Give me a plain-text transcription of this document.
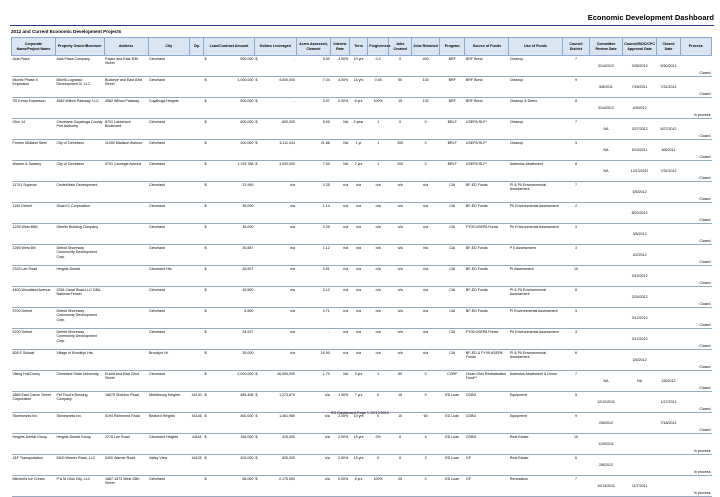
Economic Development Dashboard
2012 and Current Economic Development Projects
Corporate Name/Project Name	Property Owner/Borrower	Address	City	Zip	Loan/Contract Amount	Dollars Leveraged	Acres Assessed, Cleaned	Interest Rate	Term	Forgiveness	Jobs Created	Jobs Retained	Program	Source of Funds	Use of Funds	Council District	Committee Review Date	Council/BOC/CPC Approval Date	Closed Date	Process
Asia Plaza	Asia Plaza Company	Payne and East 30th Street	Cleveland		$ 500,000	$ -	5.00	4.00%	10 yrs	0.4	0	400	BRF	BRF Bond	Cleanup	7	3/14/2012	3/26/2012	5/30/2012	Closed
Micelis Phase II Expansion	Micelli-Lograsso Development III, LLC	Buckeye and East 83rd Street	Cleveland		$ 1,000,000	$ 4,000,000	7.04	4.00%	15 yrs	0.45	50	130	BRF	BRF Bond	Cleanup	9	6/8/2011	7/26/2011	7/31/2012	Closed
SS Kemp Expansion	4582 Willow Parkway, LLC	4582 Willow Parkway	Cuyahoga Heights		$ 500,000	$ -	3.07	0.00%	6 yrs	100%	15	130	BRF	BRF Bond	Cleanup & Demo	8	3/14/2012	4/9/2012		In process
Ohio 14	Cleveland-Cuyahoga County Port Authority	8701 Lakeshore Boulevard	Cleveland		$ 600,000	$ 600,000	5.00	NA	2 year	1	0	0	BRLF	USEPA RLF*	Cleanup	7	NA	3/27/2012	8/27/2012	Closed
Former Midland Steel	City of Cleveland	11000 Madison Avenue	Cleveland		$ 200,000	$ 6,111,434	21.86	NA	1 yr	1	300	0	BRLF	USEPA RLF*	Cleanup	3	NA	5/23/2011	6/8/2011	Closed
Warner & Swasey	City of Cleveland	5701 Carnegie Avenue	Cleveland		$ 1,129,788	$ 3,000,000	7.00	NA	2 yrs	1	200	0	BRLF	USEPA RLF*	Asbestos Abatement	8	NA	12/13/2011	7/31/2012	Closed
11701 Superior	CenterMark Development		Cleveland		$ 31,990	n/a	0.25	n/a	n/a	n/a	n/a	n/a	CAI	BF-ED Funds	PI & PII Environmental Assessment	7		5/5/2012		Closed
1100 Detroit	Girard C Corporation		Cleveland		$ 35,000	n/a	1.14	n/a	n/a	n/a	n/a	n/a	CAI	BF-ED Funds	PII Environmental Assessment	2		8/20/2012		Closed
1235 West 85th	Oberlin Building Company		Cleveland		$ 35,000	n/a	0.25	n/a	n/a	n/a	n/a	n/a	CAI	FY09 USEPA Funds	PII Environmental Assessment	3		3/5/2012		Closed
1265 West 6th	Detroit Shoreway Community Development Corp.		Cleveland		$ 26,887	n/a	1.12	n/a	n/a	n/a	n/a	n/a	CAI	BF-ED Funds	P II Assessment	3		4/2/2012		Closed
2323 Lee Road	Heights Dental		Cleveland Hts.		$ 26,907	n/a	0.51	n/a	n/a	n/a	n/a	n/a	CAI	BF-ED Funds	PI Assessment	10		3/19/2012		Closed
4400 Woodland Avenue	2284 Canal Road LLC DBA National Fencer		Cleveland		$ 45,500	n/a	3.12	n/a	n/a	n/a	n/a	n/a	CAI	BF-ED Funds	PI & PII Environmental Assessment	8		2/24/2012		Closed
5700 Detroit	Detroit Shoreway Community Development Corp.		Cleveland		$ 6,500	n/a	0.71	n/a	n/a	n/a	n/a	n/a	CAI	BF-ED Funds	PI Environmental Assessment	3		3/12/2012		Closed
5700 Detroit	Detroit Shoreway Community Development Corp.		Cleveland		$ 34,937	n/a	-	n/a	n/a	n/a	n/a	n/a	CAI	FY09 USEPA Funds	PII Environmental Assessment	3		3/12/2012		Closed
828 E Schaaf	Village of Brooklyn Hts.		Brooklyn Ht.		$ 35,000	n/a	16.90	n/a	n/a	n/a	n/a	n/a	CAI	BF-ED & FY09 USEPA Funds	PI & PII Environmental Assessment	6		3/5/2012		Closed
Viking Hall Dorny	Cleveland State University	Euclid and East 22nd Street	Cleveland		$ 2,000,000	$ 26,000,000	1.70	NA	3 yrs	1	50	0	CORF	Clean Ohio Revitalization Fund**	Asbestos Abatement & Demo	7	NA	NA	2/8/2012	Closed
1865 East Canon Street Corporation	Pet Food's Brewing Company	18675 Sheldon Road	Middleburg Heights	44130	$ 485,408	$ 1,273,670	n/a	1.90%	7 yrs	0	18	0	ED Loan	CDBG	Equipment	5	12/12/2011		1/27/2012	Closed
Stoneworks Inc.	Stoneworks Inc.	5194 Richmond Road	Bedford Heights	44146	$ 460,000	$ 1,461,960	n/a	2.00%	10 yrs	0	10	60	ED Loan	CDBG	Equipment	9	2/8/2012		7/18/2012	Closed
Heights Dental Group	Heights Dental Group	2278 Lee Road	Cleveland Heights	44118	$ 156,000	$ 415,000	n/a	2.00%	15 yrs	0%	6	4	ED Loan	CDBG	Real Estate	10	11/9/2011			In process
J&F Transportation	5400 Warner Road, LLC	5400 Warner Road	Valley View	44125	$ 202,000	$ 525,000	n/a	2.00%	15 yrs	0	6	2	ED Loan	GF	Real Estate	6	2/8/2012			In process
Mitchell's Ice Cream	P & M Ohio City, LLC	1867-1873 West 25th Street	Cleveland		$ 58,000	$ 2,175,000	n/a	0.00%	8 yrs	100%	25	0	ED Loan	GF	Renovation	7	10/14/2011	11/7/2011		In process
ED Dashboard Page 1 12/17/2012
